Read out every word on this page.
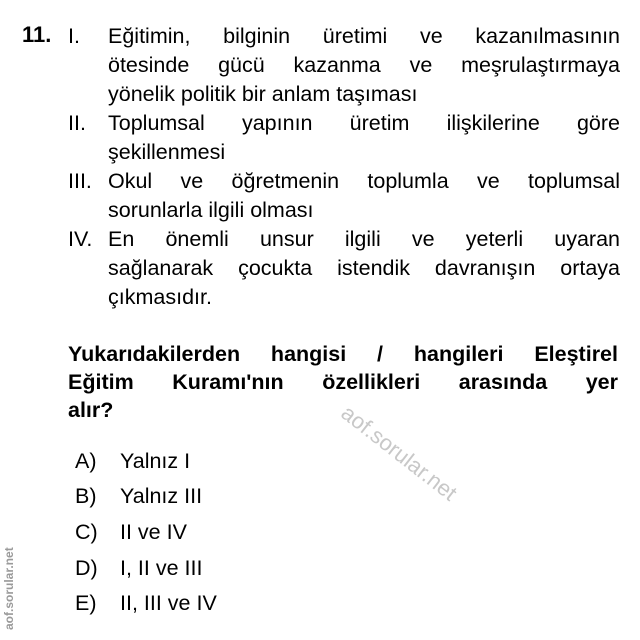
11. I. Eğitimin, bilginin üretimi ve kazanılmasının
ötesinde gücü kazanma ve meşrulaştırmaya
yönelik politik bir anlam taşıması
II. Toplumsal yapının üretim ilişkilerine göre
şekillenmesi
III. Okul ve öğretmenin toplumla ve toplumsal
sorunlarla ilgili olması
IV. En önemli unsur ilgili ve yeterli uyaran
sağlanarak çocukta istendik davranışın ortaya
çıkmasıdır.
Yukarıdakilerden hangisi / hangileri Eleştirel
Eğitim Kuramı'nın özellikleri arasında yer
alır?
A) Yalnız I
B) Yalnız III
C) II ve IV
D) I, II ve III
E) II, III ve IV
aof.sorular.net
aof.sorular.net
